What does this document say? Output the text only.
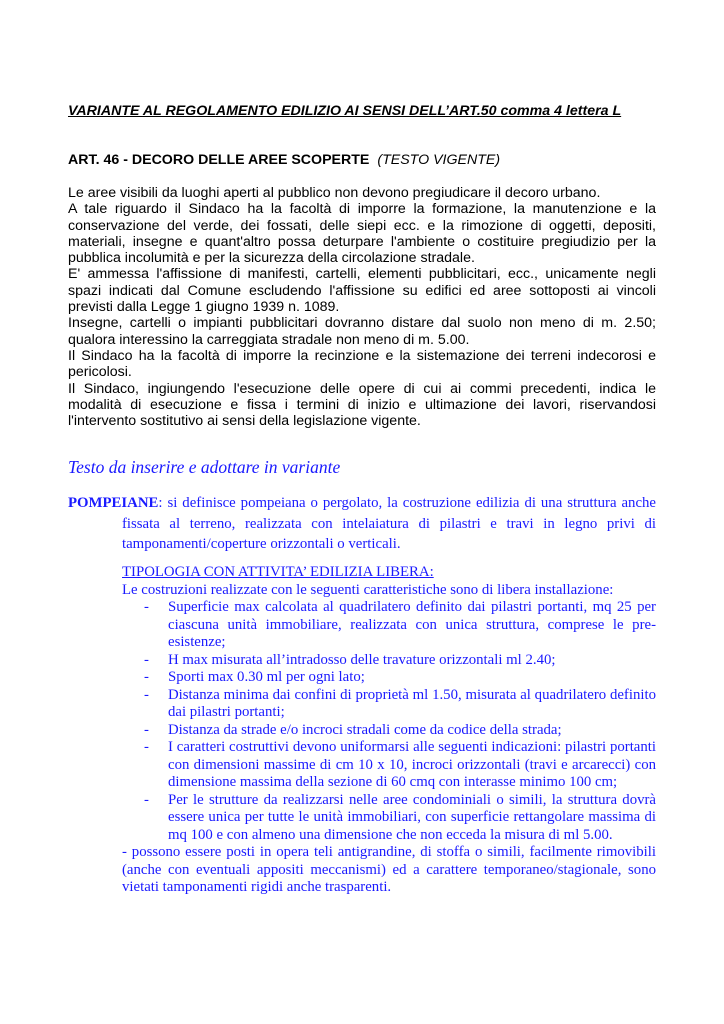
VARIANTE AL REGOLAMENTO EDILIZIO AI SENSI DELL’ART.50 comma 4 lettera L
ART. 46 - DECORO DELLE AREE SCOPERTE (TESTO VIGENTE)

Le aree visibili da luoghi aperti al pubblico non devono pregiudicare il decoro urbano.

A tale riguardo il Sindaco ha la facoltà di imporre la formazione, la manutenzione e la conservazione del verde, dei fossati, delle siepi ecc. e la rimozione di oggetti, depositi, materiali, insegne e quant'altro possa deturpare l'ambiente o costituire pregiudizio per la pubblica incolumità e per la sicurezza della circolazione stradale.

E' ammessa l'affissione di manifesti, cartelli, elementi pubblicitari, ecc., unicamente negli spazi indicati dal Comune escludendo l'affissione su edifici ed aree sottoposti ai vincoli previsti dalla Legge 1 giugno 1939 n. 1089.

Insegne, cartelli o impianti pubblicitari dovranno distare dal suolo non meno di m. 2.50; qualora interessino la carreggiata stradale non meno di m. 5.00.

Il Sindaco ha la facoltà di imporre la recinzione e la sistemazione dei terreni indecorosi e pericolosi.

Il Sindaco, ingiungendo l'esecuzione delle opere di cui ai commi precedenti, indica le modalità di esecuzione e fissa i termini di inizio e ultimazione dei lavori, riservandosi l'intervento sostitutivo ai sensi della legislazione vigente.

Testo da inserire e adottare in variante
POMPEIANE: si definisce pompeiana o pergolato, la costruzione edilizia di una struttura anche fissata al terreno, realizzata con intelaiatura di pilastri e travi in legno privi di tamponamenti/coperture orizzontali o verticali.
TIPOLOGIA CON ATTIVITA’ EDILIZIA LIBERA:
Le costruzioni realizzate con le seguenti caratteristiche sono di libera installazione:
- Superficie max calcolata al quadrilatero definito dai pilastri portanti, mq 25 per ciascuna unità immobiliare, realizzata con unica struttura, comprese le pre-esistenze;
- H max misurata all’intradosso delle travature orizzontali ml 2.40;
- Sporti max 0.30 ml per ogni lato;
- Distanza minima dai confini di proprietà ml 1.50, misurata al quadrilatero definito dai pilastri portanti;
- Distanza da strade e/o incroci stradali come da codice della strada;
- I caratteri costruttivi devono uniformarsi alle seguenti indicazioni: pilastri portanti con dimensioni massime di cm 10 x 10, incroci orizzontali (travi e arcarecci) con dimensione massima della sezione di 60 cmq con interasse minimo 100 cm;
- Per le strutture da realizzarsi nelle aree condominiali o simili, la struttura dovrà essere unica per tutte le unità immobiliari, con superficie rettangolare massima di mq 100 e con almeno una dimensione che non ecceda la misura di ml 5.00.
- possono essere posti in opera teli antigrandine, di stoffa o simili, facilmente rimovibili (anche con eventuali appositi meccanismi) ed a carattere temporaneo/stagionale, sono vietati tamponamenti rigidi anche trasparenti.
